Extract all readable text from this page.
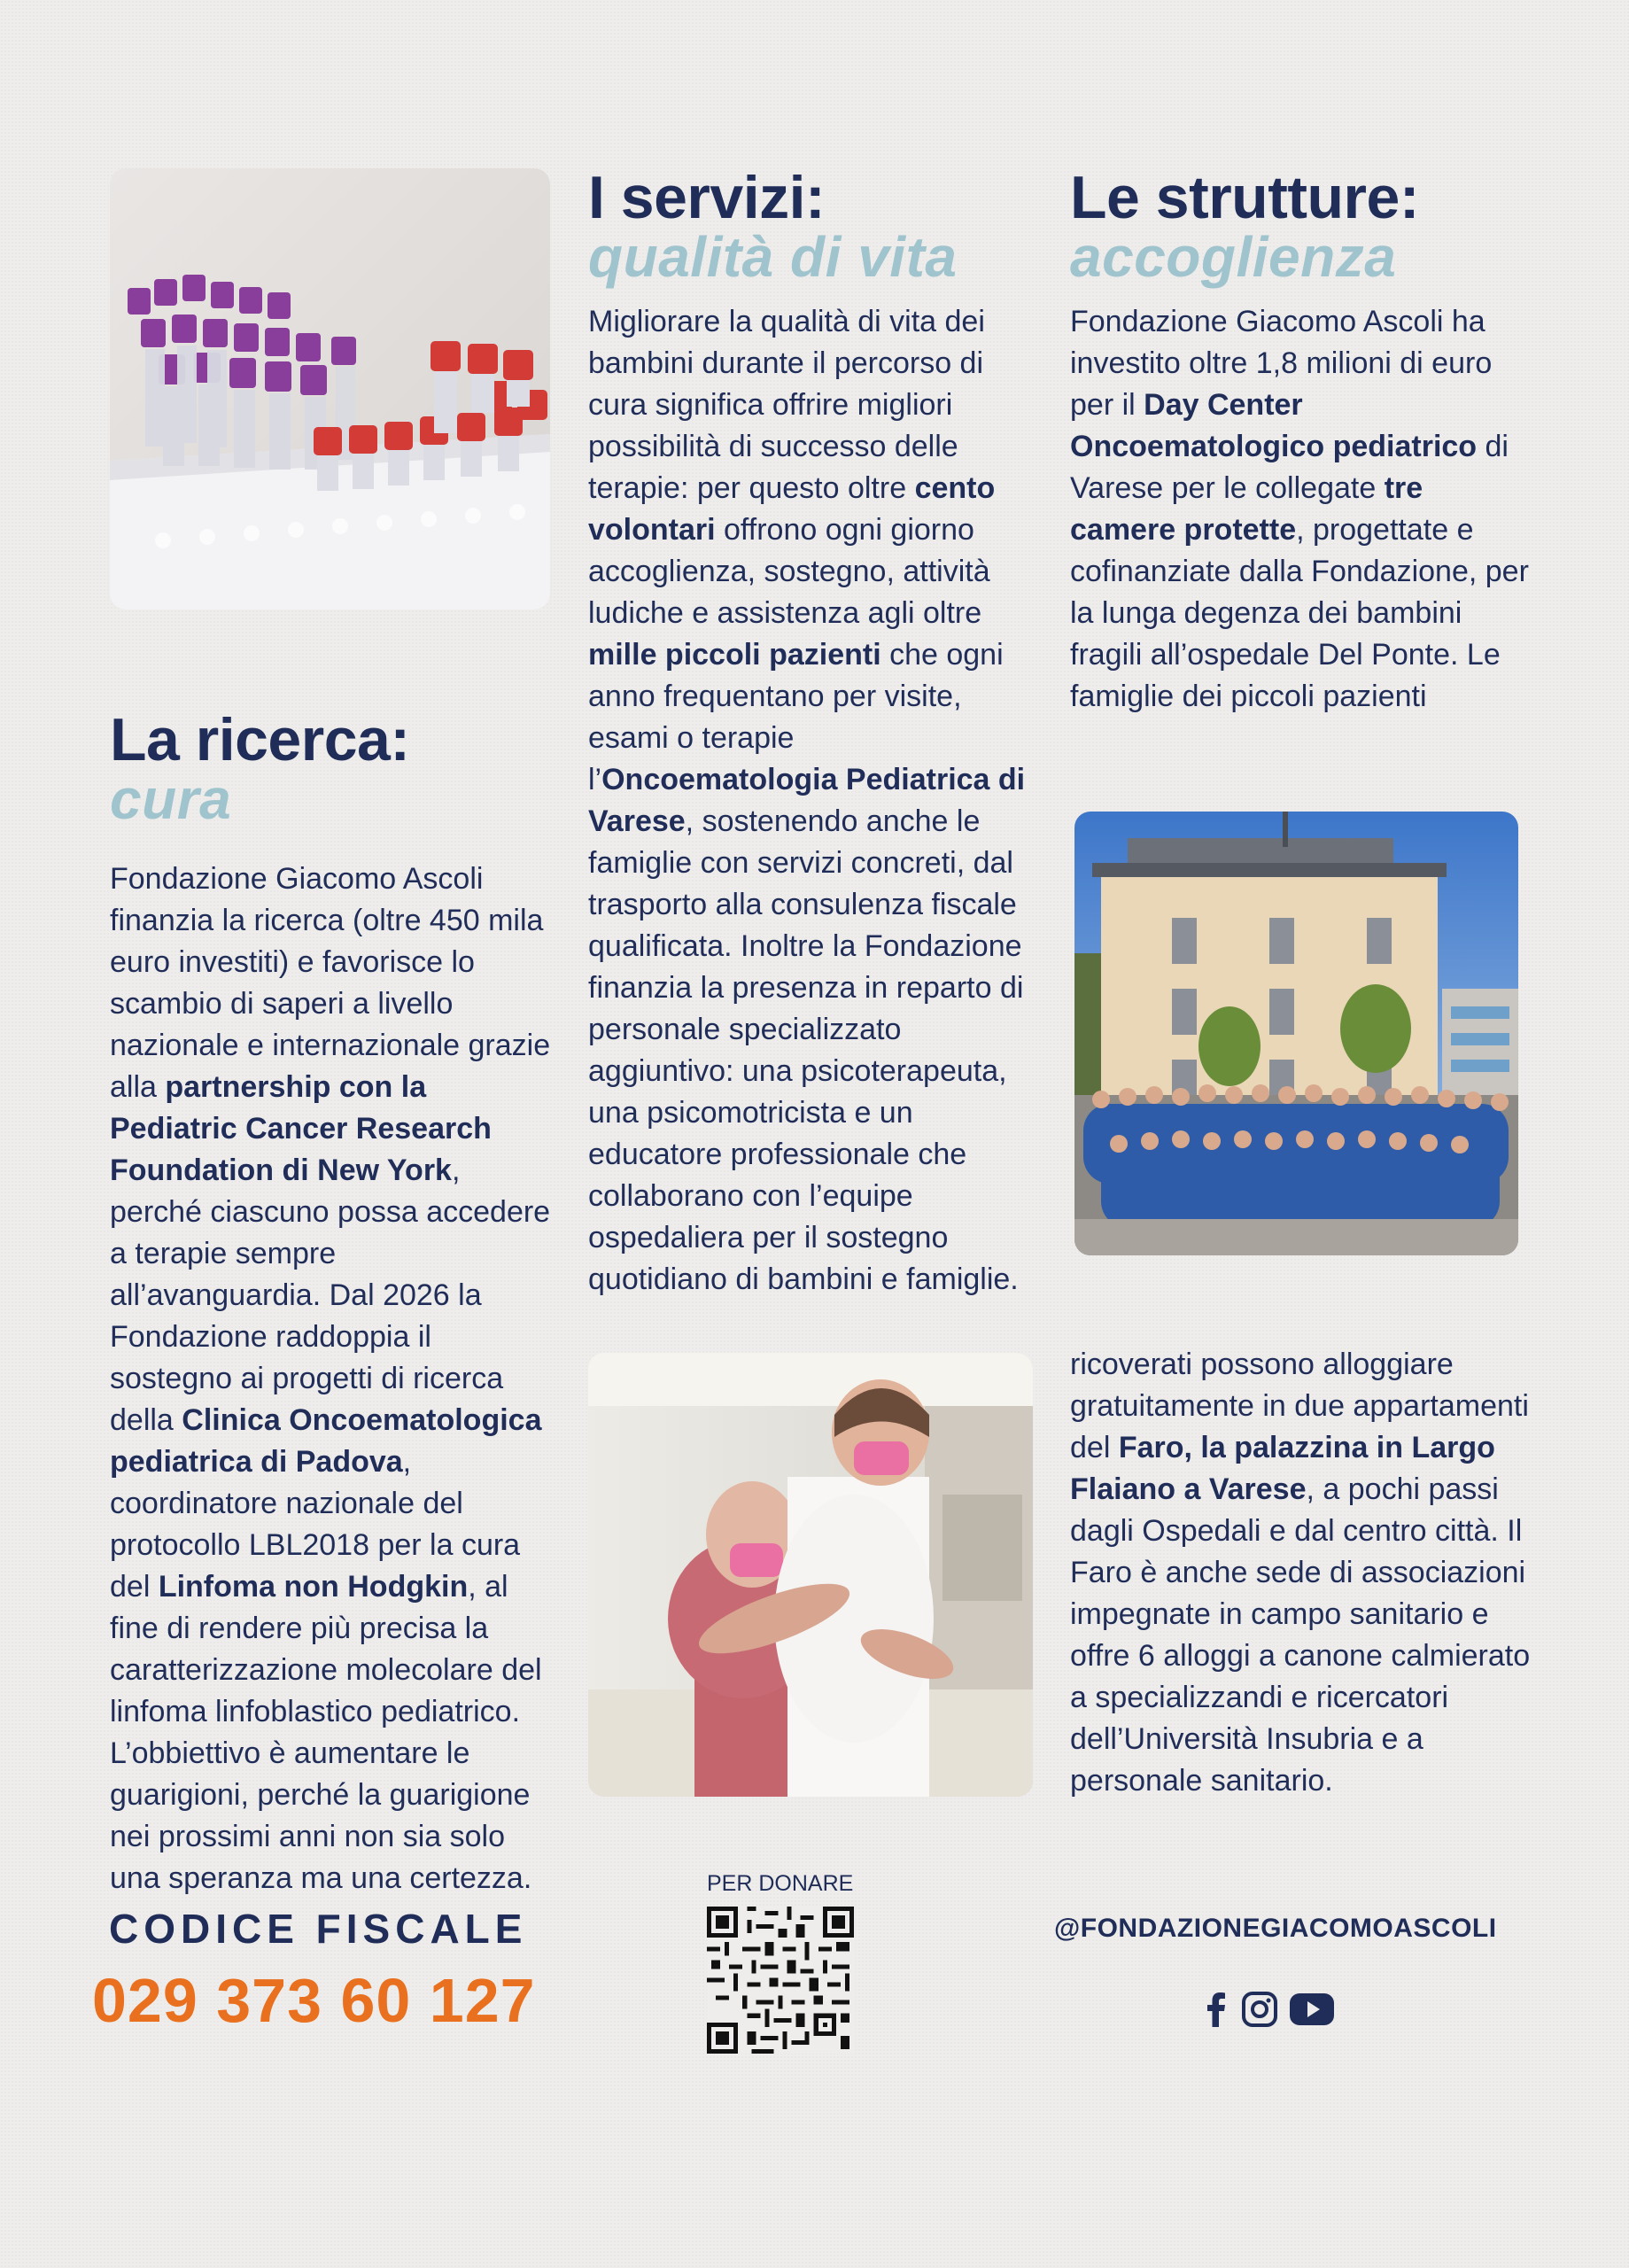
La ricerca:
cura

Fondazione Giacomo Ascoli finanzia la ricerca (oltre 450 mila euro investiti) e favorisce lo scambio di saperi a livello nazionale e internazionale grazie alla partnership con la Pediatric Cancer Research Foundation di New York, perché ciascuno possa accedere a terapie sempre all’avanguardia. Dal 2026 la Fondazione raddoppia il sostegno ai progetti di ricerca della Clinica Oncoematologica pediatrica di Padova, coordinatore nazionale del protocollo LBL2018 per la cura del Linfoma non Hodgkin, al fine di rendere più precisa la caratterizzazione molecolare del linfoma linfoblastico pediatrico. L’obbiettivo è aumentare le guarigioni, perché la guarigione nei prossimi anni non sia solo una speranza ma una certezza.

I servizi:
qualità di vita

Migliorare la qualità di vita dei bambini durante il percorso di cura significa offrire migliori possibilità di successo delle terapie: per questo oltre cento volontari offrono ogni giorno accoglienza, sostegno, attività ludiche e assistenza agli oltre mille piccoli pazienti che ogni anno frequentano per visite, esami o terapie l’Oncoematologia Pediatrica di Varese, sostenendo anche le famiglie con servizi concreti, dal trasporto alla consulenza fiscale qualificata. Inoltre la Fondazione finanzia la presenza in reparto di personale specializzato aggiuntivo: una psicoterapeuta, una psicomotricista e un educatore professionale che collaborano con l’equipe ospedaliera per il sostegno quotidiano di bambini e famiglie.

Le strutture:
accoglienza

Fondazione Giacomo Ascoli ha investito oltre 1,8 milioni di euro per il Day Center Oncoematologico pediatrico di Varese per le collegate tre camere protette, progettate e cofinanziate dalla Fondazione, per la lunga degenza dei bambini fragili all’ospedale Del Ponte. Le famiglie dei piccoli pazienti

ricoverati possono alloggiare gratuitamente in due appartamenti del Faro, la palazzina in Largo Flaiano a Varese, a pochi passi dagli Ospedali e dal centro città. Il Faro è anche sede di associazioni impegnate in campo sanitario e offre 6 alloggi a canone calmierato a specializzandi e ricercatori dell’Università Insubria e a personale sanitario.

CODICE FISCALE
029 373 60 127
PER DONARE
@FONDAZIONEGIACOMOASCOLI
